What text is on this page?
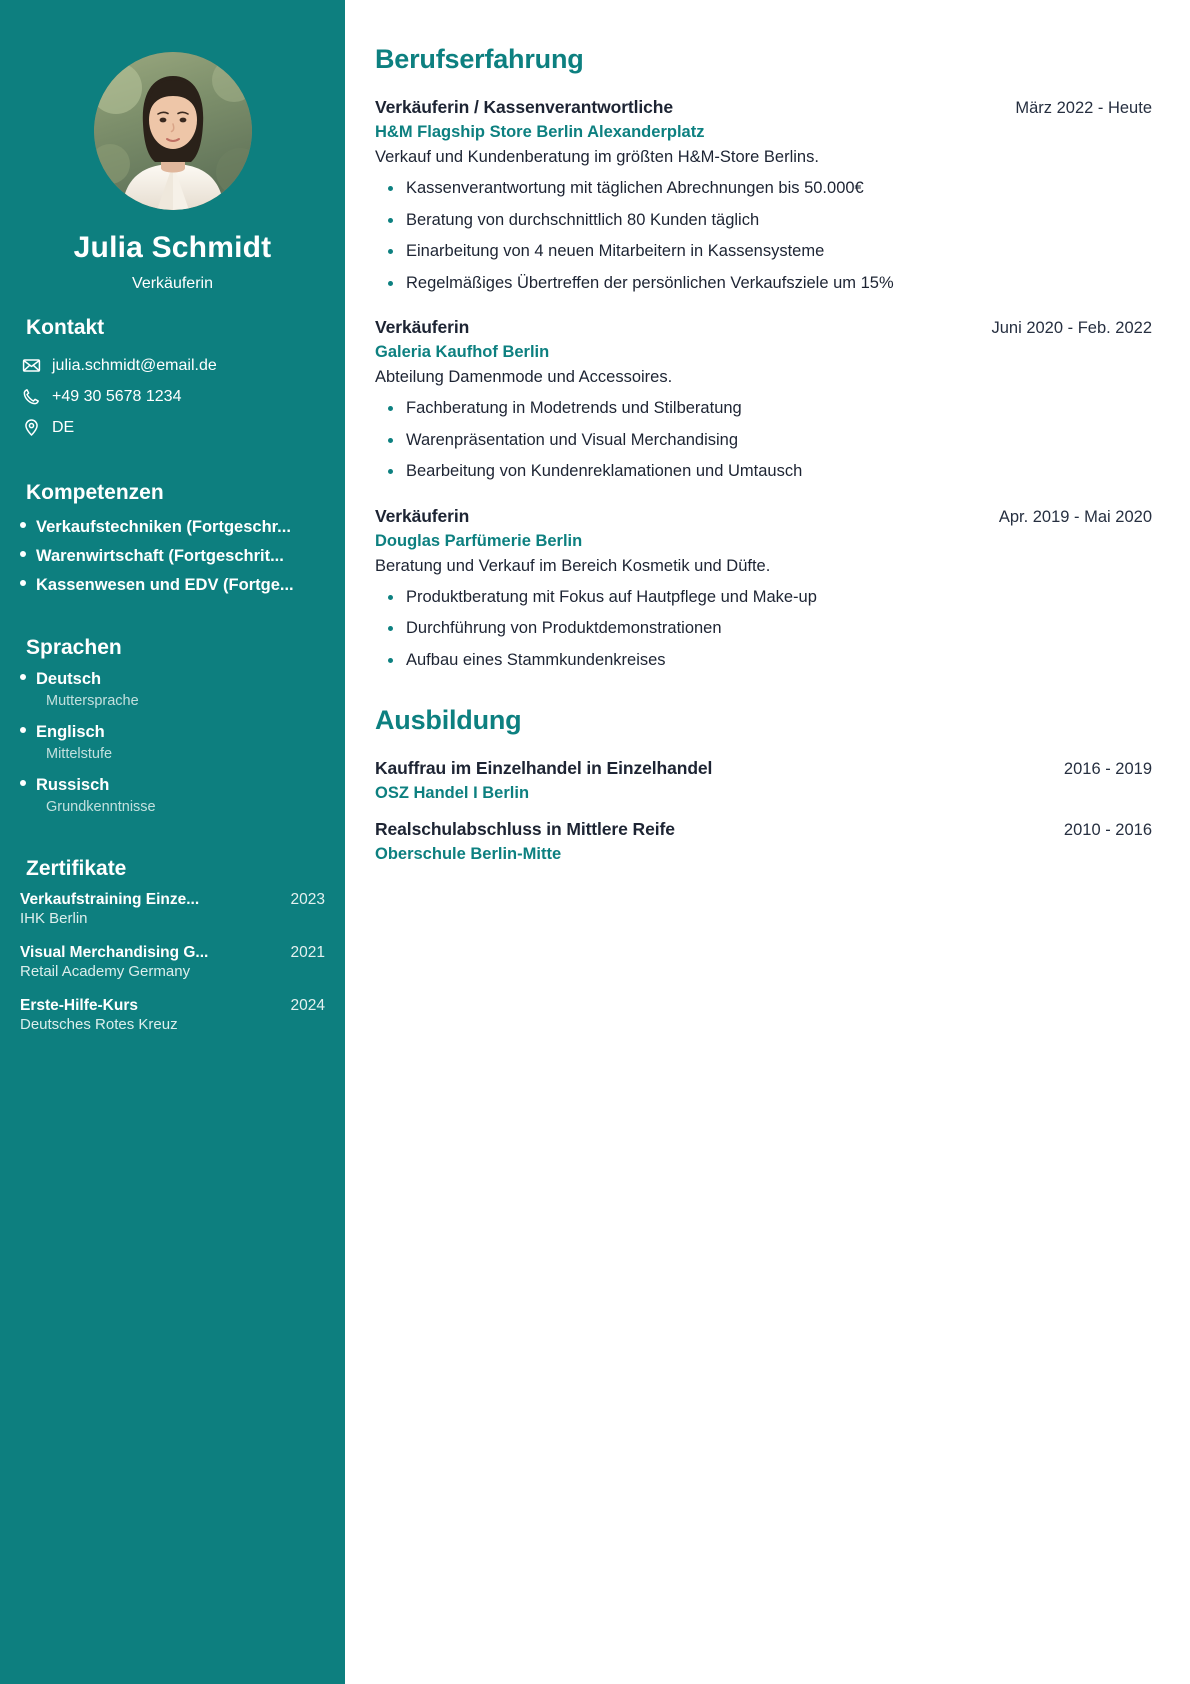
Julia Schmidt
Verkäuferin
Kontakt
julia.schmidt@email.de
+49 30 5678 1234
DE
Kompetenzen
Verkaufstechniken (Fortgeschr...
Warenwirtschaft (Fortgeschrit...
Kassenwesen und EDV (Fortge...
Sprachen
Deutsch
Muttersprache
Englisch
Mittelstufe
Russisch
Grundkenntnisse
Zertifikate
Verkaufstraining Einze...	2023
IHK Berlin
Visual Merchandising G...	2021
Retail Academy Germany
Erste-Hilfe-Kurs	2024
Deutsches Rotes Kreuz
Berufserfahrung
Verkäuferin / Kassenverantwortliche	März 2022 - Heute
H&M Flagship Store Berlin Alexanderplatz
Verkauf und Kundenberatung im größten H&M-Store Berlins.
Kassenverantwortung mit täglichen Abrechnungen bis 50.000€
Beratung von durchschnittlich 80 Kunden täglich
Einarbeitung von 4 neuen Mitarbeitern in Kassensysteme
Regelmäßiges Übertreffen der persönlichen Verkaufsziele um 15%
Verkäuferin	Juni 2020 - Feb. 2022
Galeria Kaufhof Berlin
Abteilung Damenmode und Accessoires.
Fachberatung in Modetrends und Stilberatung
Warenpräsentation und Visual Merchandising
Bearbeitung von Kundenreklamationen und Umtausch
Verkäuferin	Apr. 2019 - Mai 2020
Douglas Parfümerie Berlin
Beratung und Verkauf im Bereich Kosmetik und Düfte.
Produktberatung mit Fokus auf Hautpflege und Make-up
Durchführung von Produktdemonstrationen
Aufbau eines Stammkundenkreises
Ausbildung
Kauffrau im Einzelhandel in Einzelhandel	2016 - 2019
OSZ Handel I Berlin
Realschulabschluss in Mittlere Reife	2010 - 2016
Oberschule Berlin-Mitte
